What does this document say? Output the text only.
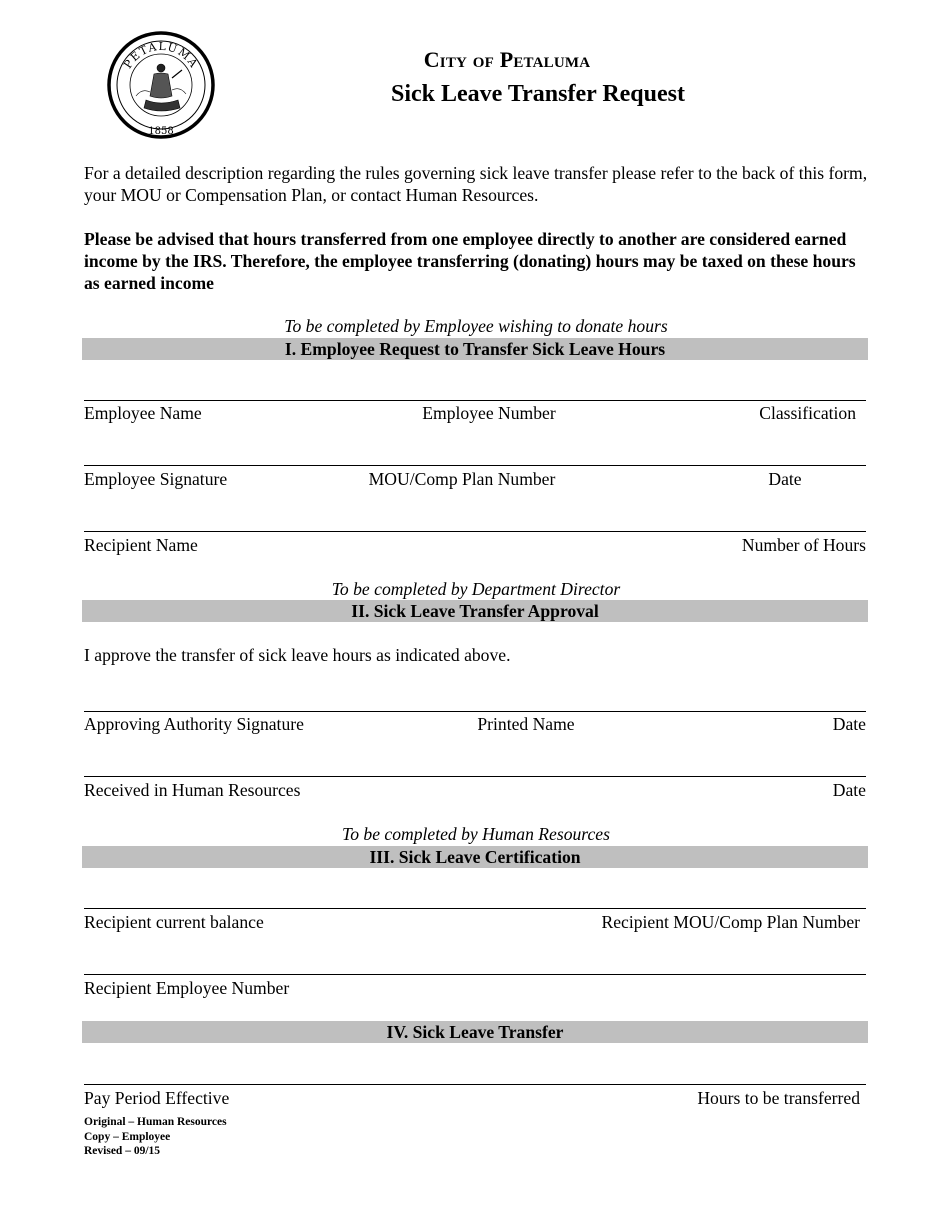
PETALUMA
1858
City of Petaluma
Sick Leave Transfer Request
For a detailed description regarding the rules governing sick leave transfer please refer to the back of this form, your MOU or Compensation Plan, or contact Human Resources.
Please be advised that hours transferred from one employee directly to another are considered earned income by the IRS. Therefore, the employee transferring (donating) hours may be taxed on these hours as earned income
To be completed by Employee wishing to donate hours
I. Employee Request to Transfer Sick Leave Hours
Employee Name	Employee Number	Classification
Employee Signature	MOU/Comp Plan Number	Date
Recipient Name	Number of Hours
To be completed by Department Director
II. Sick Leave Transfer Approval
I approve the transfer of sick leave hours as indicated above.
Approving Authority Signature	Printed Name	Date
Received in Human Resources	Date
To be completed by Human Resources
III. Sick Leave Certification
Recipient current balance	Recipient MOU/Comp Plan Number
Recipient Employee Number
IV. Sick Leave Transfer
Pay Period Effective	Hours to be transferred
Original – Human Resources
Copy – Employee
Revised – 09/15
